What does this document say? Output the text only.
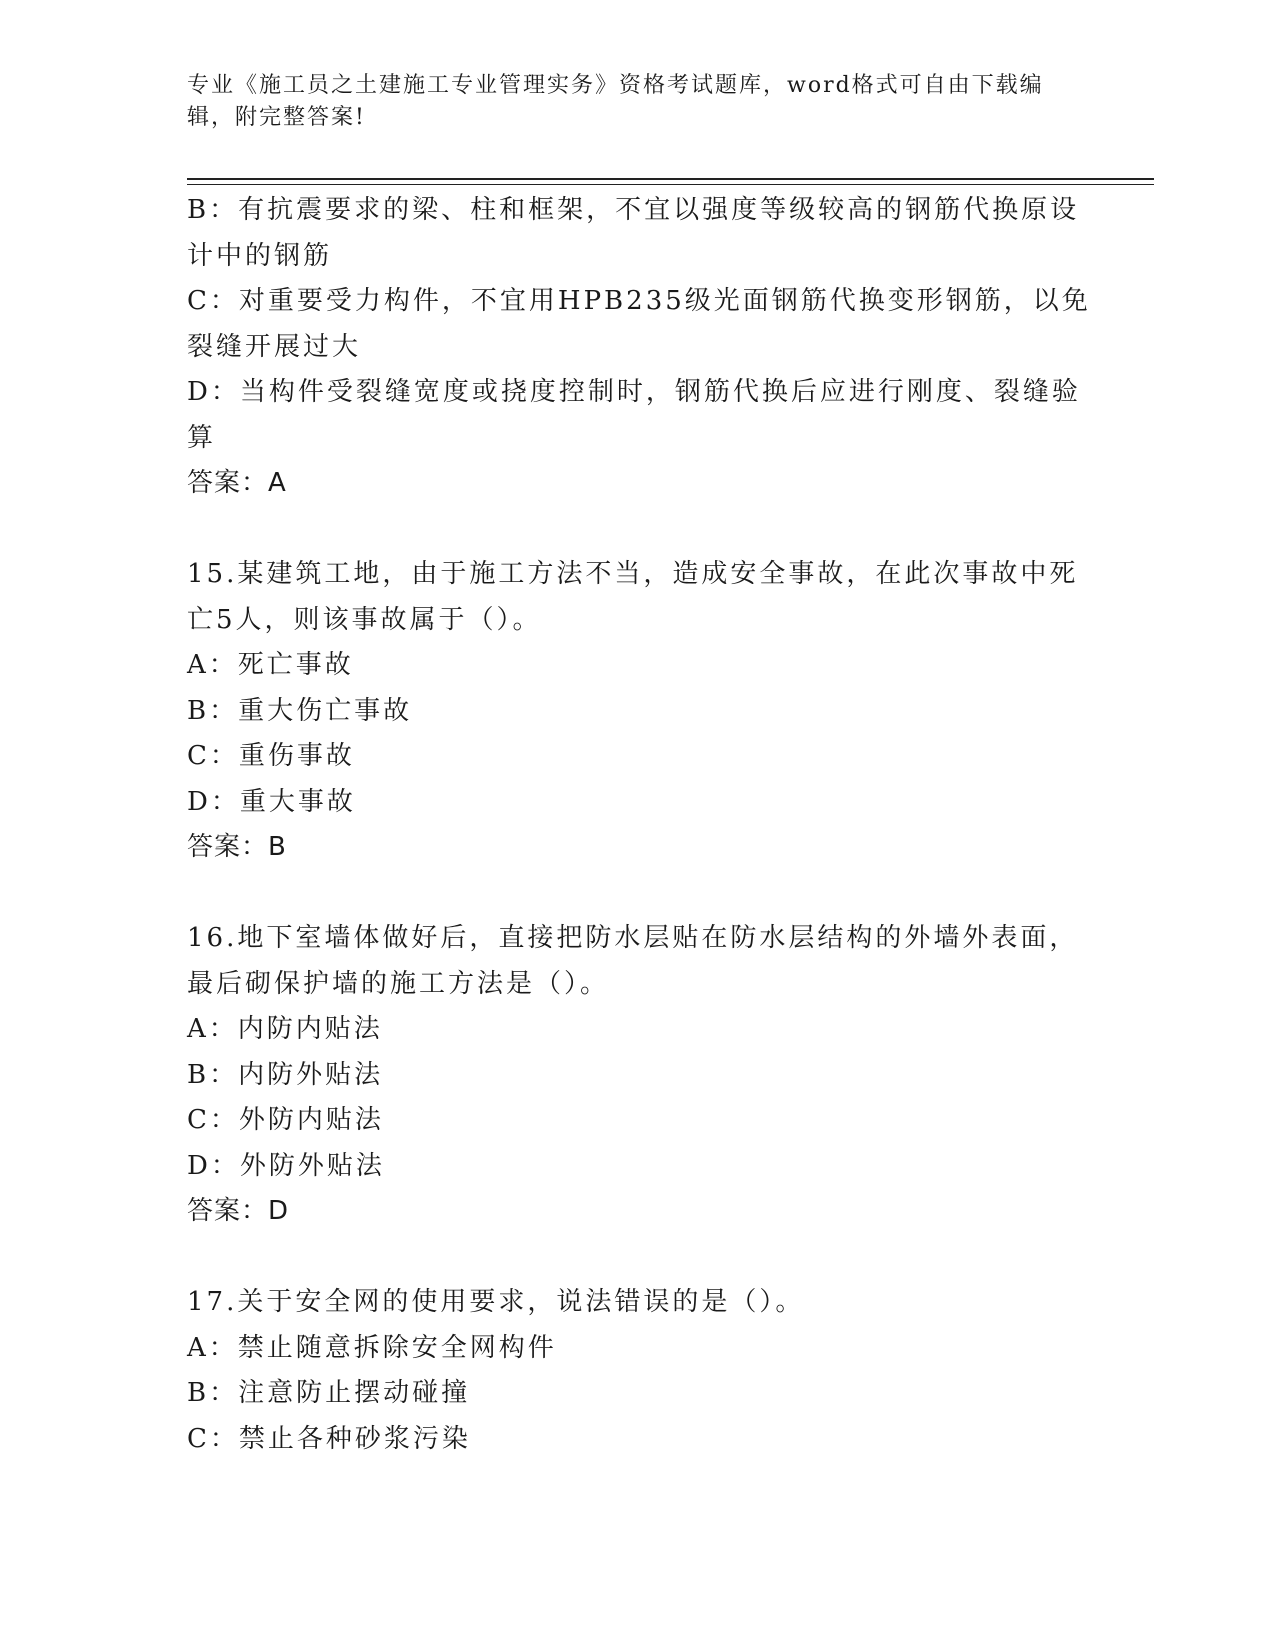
专业《施工员之土建施工专业管理实务》资格考试题库，word格式可自由下载编
辑，附完整答案!
B：有抗震要求的梁、柱和框架，不宜以强度等级较高的钢筋代换原设
计中的钢筋
C：对重要受力构件，不宜用HPB235级光面钢筋代换变形钢筋，以免
裂缝开展过大
D：当构件受裂缝宽度或挠度控制时，钢筋代换后应进行刚度、裂缝验
算
答案：A
15.某建筑工地，由于施工方法不当，造成安全事故，在此次事故中死
亡5人，则该事故属于（）。
A：死亡事故
B：重大伤亡事故
C：重伤事故
D：重大事故
答案：B
16.地下室墙体做好后，直接把防水层贴在防水层结构的外墙外表面，
最后砌保护墙的施工方法是（）。
A：内防内贴法
B：内防外贴法
C：外防内贴法
D：外防外贴法
答案：D
17.关于安全网的使用要求，说法错误的是（）。
A：禁止随意拆除安全网构件
B：注意防止摆动碰撞
C：禁止各种砂浆污染
